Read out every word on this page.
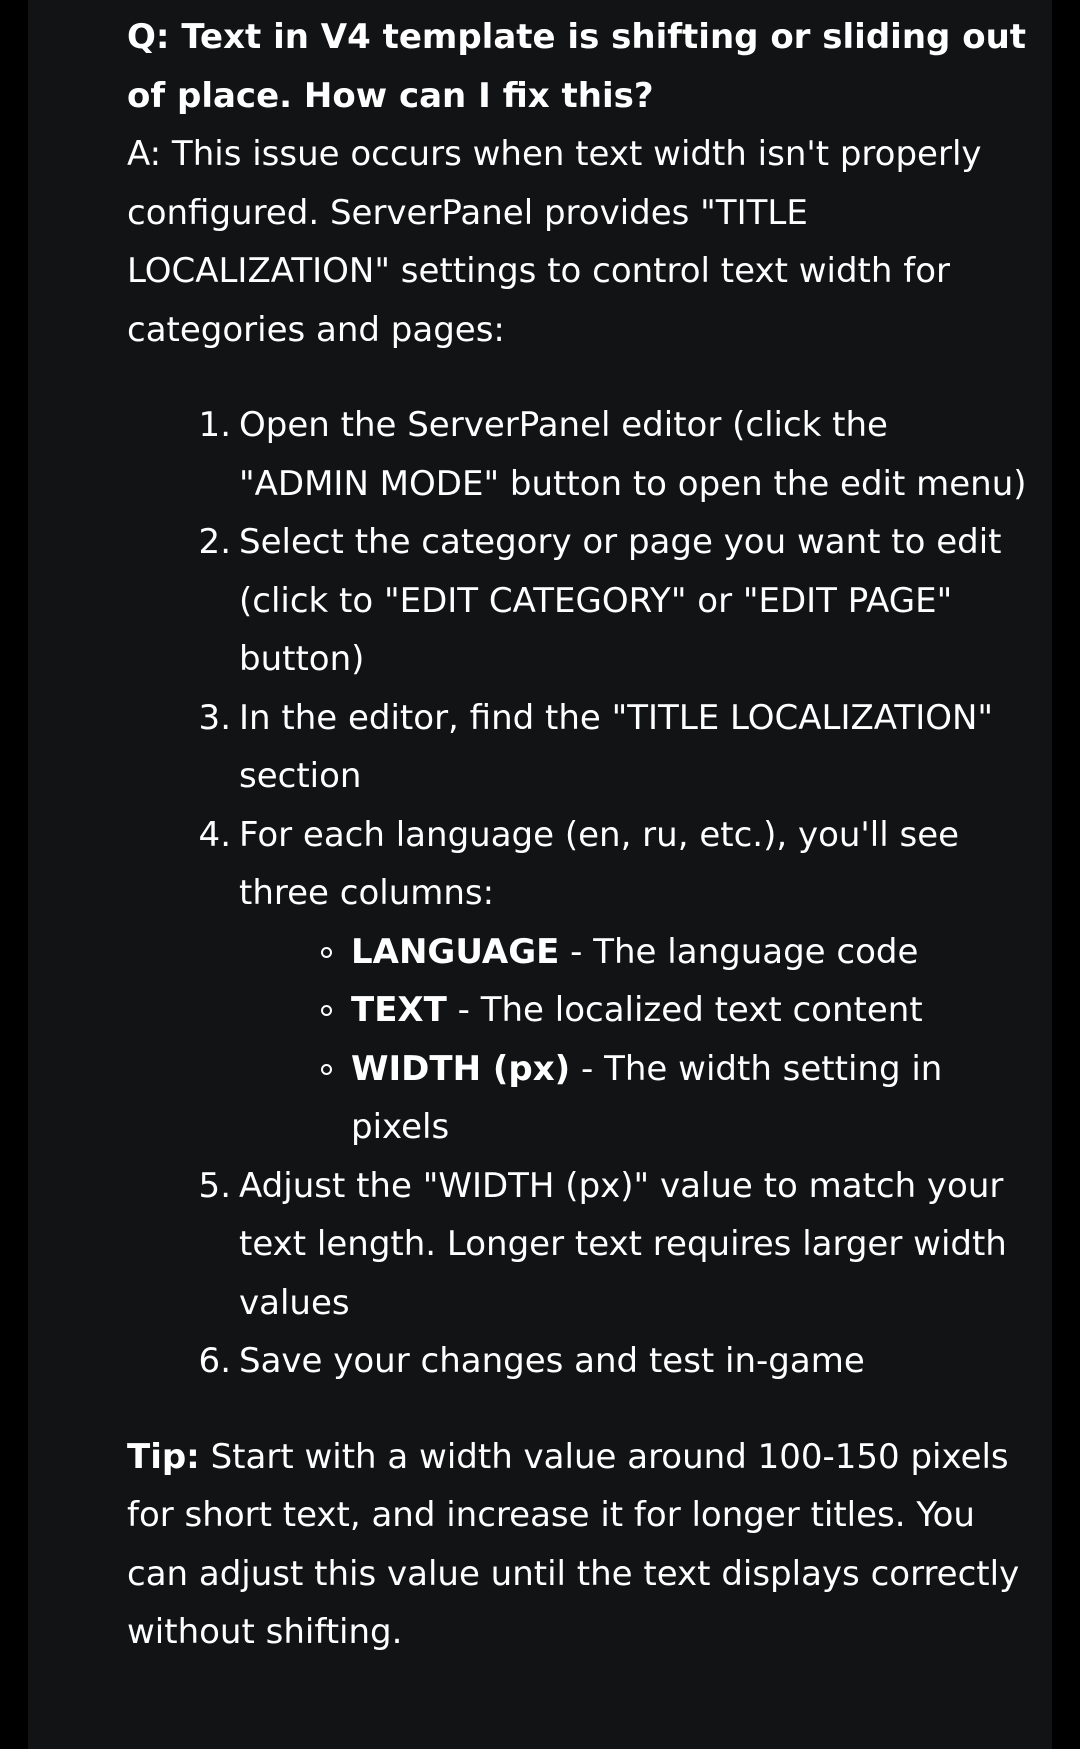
Q: Text in V4 template is shifting or sliding out of place. How can I fix this?

A: This issue occurs when text width isn't properly configured. ServerPanel provides "TITLE LOCALIZATION" settings to control text width for categories and pages:

Open the ServerPanel editor (click the "ADMIN MODE" button to open the edit menu)
Select the category or page you want to edit (click to "EDIT CATEGORY" or "EDIT PAGE" button)
In the editor, find the "TITLE LOCALIZATION" section
For each language (en, ru, etc.), you'll see three columns:
LANGUAGE - The language code
TEXT - The localized text content
WIDTH (px) - The width setting in pixels
Adjust the "WIDTH (px)" value to match your text length. Longer text requires larger width values
Save your changes and test in-game

Tip: Start with a width value around 100-150 pixels for short text, and increase it for longer titles. You can adjust this value until the text displays correctly without shifting.
